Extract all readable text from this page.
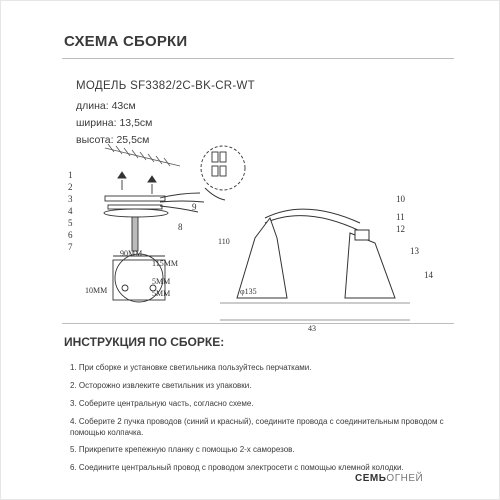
СХЕМА СБОРКИ
МОДЕЛЬ SF3382/2C-BK-CR-WT
длина: 43см
ширина: 13,5см
высота: 25,5см
1
2
3
4
5
6
7
8
9
10
11
12
13
14
90MM
115MM
10MM
5MM
5MM
110
φ135
43
ИНСТРУКЦИЯ ПО СБОРКЕ:
1. При сборке и установке светильника пользуйтесь перчатками.
2. Осторожно извлеките светильник из упаковки.
3. Соберите центральную часть, согласно схеме.
4. Соберите 2 пучка проводов (синий и красный), соедините провода с соединительным проводом с помощью колпачка.
5. Прикрепите крепежную планку с помощью 2-х саморезов.
6. Соедините центральный провод с проводом электросети с помощью клемной колодки.
СЕМЬОГНЕЙ
